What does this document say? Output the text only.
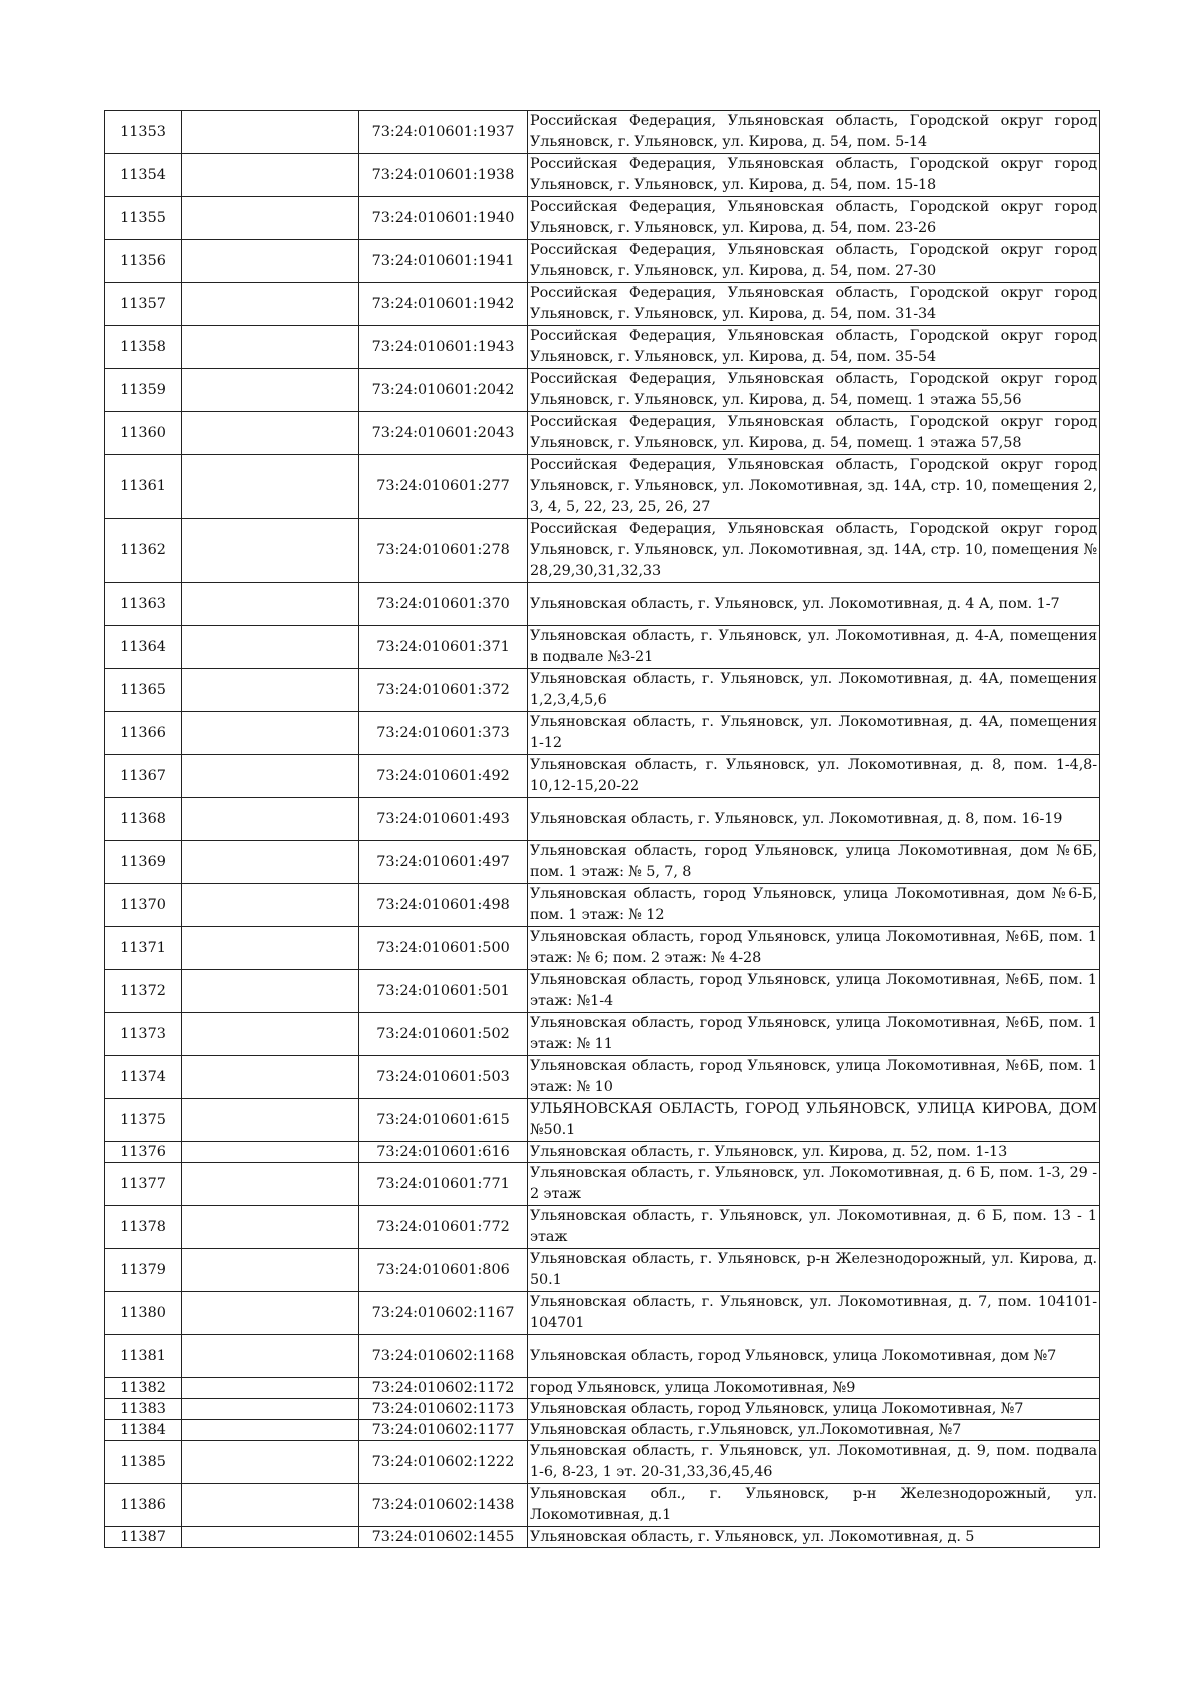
11353		73:24:010601:1937	Российская Федерация, Ульяновская область, Городской округ город Ульяновск, г. Ульяновск, ул. Кирова, д. 54, пом. 5-14
11354		73:24:010601:1938	Российская Федерация, Ульяновская область, Городской округ город Ульяновск, г. Ульяновск, ул. Кирова, д. 54, пом. 15-18
11355		73:24:010601:1940	Российская Федерация, Ульяновская область, Городской округ город Ульяновск, г. Ульяновск, ул. Кирова, д. 54, пом. 23-26
11356		73:24:010601:1941	Российская Федерация, Ульяновская область, Городской округ город Ульяновск, г. Ульяновск, ул. Кирова, д. 54, пом. 27-30
11357		73:24:010601:1942	Российская Федерация, Ульяновская область, Городской округ город Ульяновск, г. Ульяновск, ул. Кирова, д. 54, пом. 31-34
11358		73:24:010601:1943	Российская Федерация, Ульяновская область, Городской округ город Ульяновск, г. Ульяновск, ул. Кирова, д. 54, пом. 35-54
11359		73:24:010601:2042	Российская Федерация, Ульяновская область, Городской округ город Ульяновск, г. Ульяновск, ул. Кирова, д. 54, помещ. 1 этажа 55,56
11360		73:24:010601:2043	Российская Федерация, Ульяновская область, Городской округ город Ульяновск, г. Ульяновск, ул. Кирова, д. 54, помещ. 1 этажа 57,58
11361		73:24:010601:277	Российская Федерация, Ульяновская область, Городской округ город Ульяновск, г. Ульяновск, ул. Локомотивная, зд. 14А, стр. 10, помещения 2, 3, 4, 5, 22, 23, 25, 26, 27
11362		73:24:010601:278	Российская Федерация, Ульяновская область, Городской округ город Ульяновск, г. Ульяновск, ул. Локомотивная, зд. 14А, стр. 10, помещения № 28,29,30,31,32,33
11363		73:24:010601:370	Ульяновская область, г. Ульяновск, ул. Локомотивная, д. 4 А, пом. 1-7
11364		73:24:010601:371	Ульяновская область, г. Ульяновск, ул. Локомотивная, д. 4-А, помещения в подвале №3-21
11365		73:24:010601:372	Ульяновская область, г. Ульяновск, ул. Локомотивная, д. 4А, помещения 1,2,3,4,5,6
11366		73:24:010601:373	Ульяновская область, г. Ульяновск, ул. Локомотивная, д. 4А, помещения 1-12
11367		73:24:010601:492	Ульяновская область, г. Ульяновск, ул. Локомотивная, д. 8, пом. 1-4,8-10,12-15,20-22
11368		73:24:010601:493	Ульяновская область, г. Ульяновск, ул. Локомотивная, д. 8, пом. 16-19
11369		73:24:010601:497	Ульяновская область, город Ульяновск, улица Локомотивная, дом №6Б, пом. 1 этаж: № 5, 7, 8
11370		73:24:010601:498	Ульяновская область, город Ульяновск, улица Локомотивная, дом №6-Б, пом. 1 этаж: № 12
11371		73:24:010601:500	Ульяновская область, город Ульяновск, улица Локомотивная, №6Б, пом. 1 этаж: № 6; пом. 2 этаж: № 4-28
11372		73:24:010601:501	Ульяновская область, город Ульяновск, улица Локомотивная, №6Б, пом. 1 этаж: №1-4
11373		73:24:010601:502	Ульяновская область, город Ульяновск, улица Локомотивная, №6Б, пом. 1 этаж: № 11
11374		73:24:010601:503	Ульяновская область, город Ульяновск, улица Локомотивная, №6Б, пом. 1 этаж: № 10
11375		73:24:010601:615	УЛЬЯНОВСКАЯ ОБЛАСТЬ, ГОРОД УЛЬЯНОВСК, УЛИЦА КИРОВА, ДОМ №50.1
11376		73:24:010601:616	Ульяновская область, г. Ульяновск, ул. Кирова, д. 52, пом. 1-13
11377		73:24:010601:771	Ульяновская область, г. Ульяновск, ул. Локомотивная, д. 6 Б, пом. 1-3, 29 - 2 этаж
11378		73:24:010601:772	Ульяновская область, г. Ульяновск, ул. Локомотивная, д. 6 Б, пом. 13 - 1 этаж
11379		73:24:010601:806	Ульяновская область, г. Ульяновск, р-н Железнодорожный, ул. Кирова, д. 50.1
11380		73:24:010602:1167	Ульяновская область, г. Ульяновск, ул. Локомотивная, д. 7, пом. 104101-104701
11381		73:24:010602:1168	Ульяновская область, город Ульяновск, улица Локомотивная, дом №7
11382		73:24:010602:1172	город Ульяновск, улица Локомотивная, №9
11383		73:24:010602:1173	Ульяновская область, город Ульяновск, улица Локомотивная, №7
11384		73:24:010602:1177	Ульяновская область, г.Ульяновск, ул.Локомотивная, №7
11385		73:24:010602:1222	Ульяновская область, г. Ульяновск, ул. Локомотивная, д. 9, пом. подвала 1-6, 8-23, 1 эт. 20-31,33,36,45,46
11386		73:24:010602:1438	Ульяновская обл., г. Ульяновск, р-н Железнодорожный, ул. Локомотивная, д.1
11387		73:24:010602:1455	Ульяновская область, г. Ульяновск, ул. Локомотивная, д. 5
